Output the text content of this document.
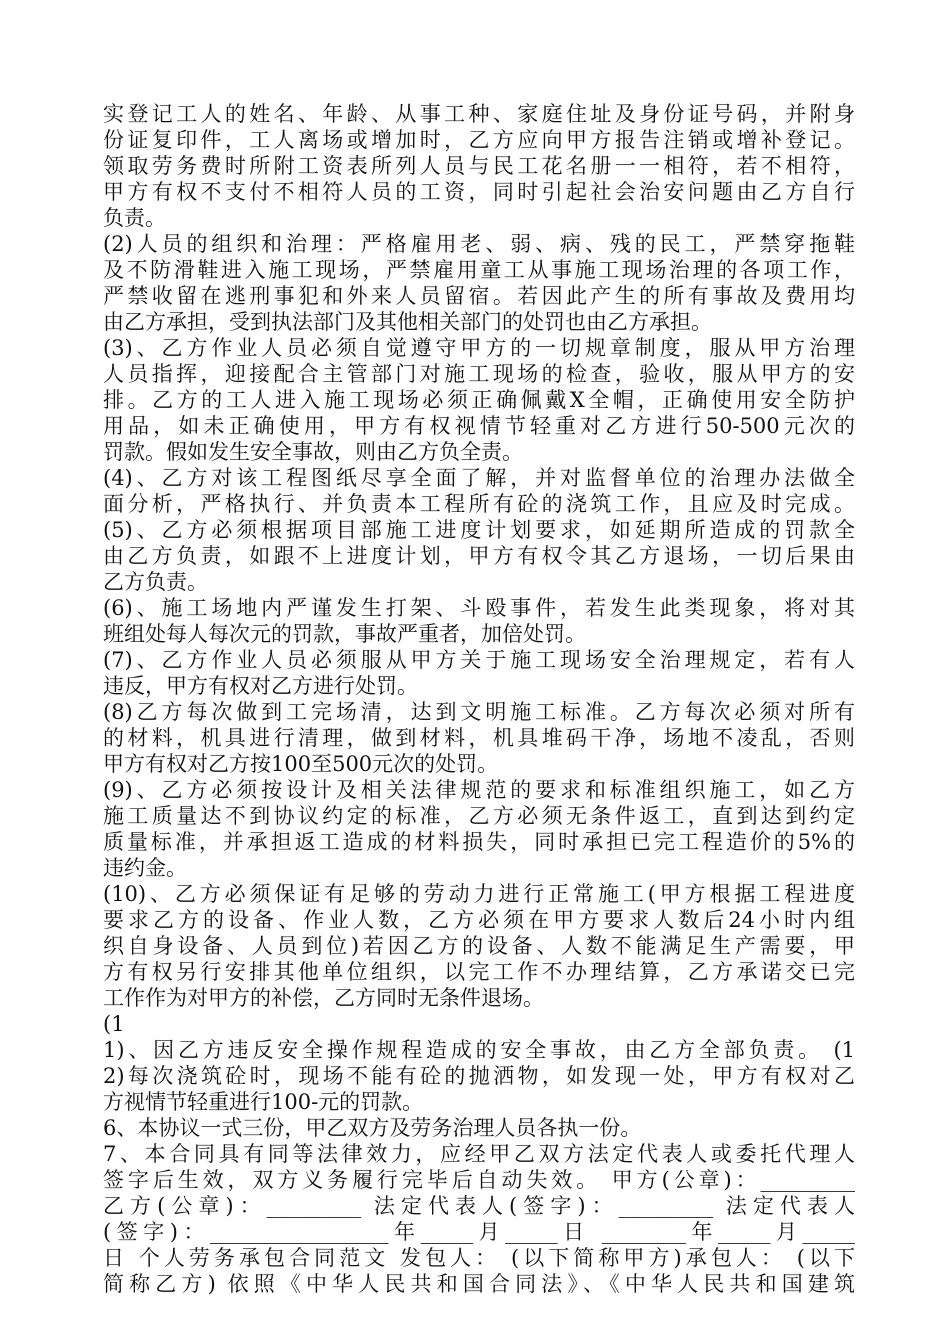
实登记工人的姓名、年龄、从事工种、家庭住址及身份证号码，并附身
份证复印件，工人离场或增加时，乙方应向甲方报告注销或增补登记。
领取劳务费时所附工资表所列人员与民工花名册一一相符，若不相符，
甲方有权不支付不相符人员的工资，同时引起社会治安问题由乙方自行
负责。
(2)人员的组织和治理：严格雇用老、弱、病、残的民工，严禁穿拖鞋
及不防滑鞋进入施工现场，严禁雇用童工从事施工现场治理的各项工作，
严禁收留在逃刑事犯和外来人员留宿。若因此产生的所有事故及费用均
由乙方承担，受到执法部门及其他相关部门的处罚也由乙方承担。
(3)、乙方作业人员必须自觉遵守甲方的一切规章制度，服从甲方治理
人员指挥，迎接配合主管部门对施工现场的检查，验收，服从甲方的安
排。乙方的工人进入施工现场必须正确佩戴X全帽，正确使用安全防护
用品，如未正确使用，甲方有权视情节轻重对乙方进行50-500元次的
罚款。假如发生安全事故，则由乙方负全责。
(4)、乙方对该工程图纸尽享全面了解，并对监督单位的治理办法做全
面分析，严格执行、并负责本工程所有砼的浇筑工作，且应及时完成。
(5)、乙方必须根据项目部施工进度计划要求，如延期所造成的罚款全
由乙方负责，如跟不上进度计划，甲方有权令其乙方退场，一切后果由
乙方负责。
(6)、施工场地内严谨发生打架、斗殴事件，若发生此类现象，将对其
班组处每人每次元的罚款，事故严重者，加倍处罚。
(7)、乙方作业人员必须服从甲方关于施工现场安全治理规定，若有人
违反，甲方有权对乙方进行处罚。
(8)乙方每次做到工完场清，达到文明施工标准。乙方每次必须对所有
的材料，机具进行清理，做到材料，机具堆码干净，场地不凌乱，否则
甲方有权对乙方按100至500元次的处罚。
(9)、乙方必须按设计及相关法律规范的要求和标准组织施工，如乙方
施工质量达不到协议约定的标准，乙方必须无条件返工，直到达到约定
质量标准，并承担返工造成的材料损失，同时承担已完工程造价的5%的
违约金。
(10)、乙方必须保证有足够的劳动力进行正常施工(甲方根据工程进度
要求乙方的设备、作业人数，乙方必须在甲方要求人数后24小时内组
织自身设备、人员到位)若因乙方的设备、人数不能满足生产需要，甲
方有权另行安排其他单位组织，以完工作不办理结算，乙方承诺交已完
工作作为对甲方的补偿，乙方同时无条件退场。
(1
1)、因乙方违反安全操作规程造成的安全事故，由乙方全部负责。 (1
2)每次浇筑砼时，现场不能有砼的抛洒物，如发现一处，甲方有权对乙
方视情节轻重进行100-元的罚款。
6、本协议一式三份，甲乙双方及劳务治理人员各执一份。
7、本合同具有同等法律效力，应经甲乙双方法定代表人或委托代理人
签字后生效，双方义务履行完毕后自动失效。 甲方(公章)：_________
乙方(公章)：_________ 法定代表人(签字)：_________ 法定代表人
(签字)：_________________年_____月_____日 ________年_____月_____
日 个人劳务承包合同范文 发包人： (以下简称甲方)承包人： (以下
简称乙方) 依照《中华人民共和国合同法》、《中华人民共和国建筑
